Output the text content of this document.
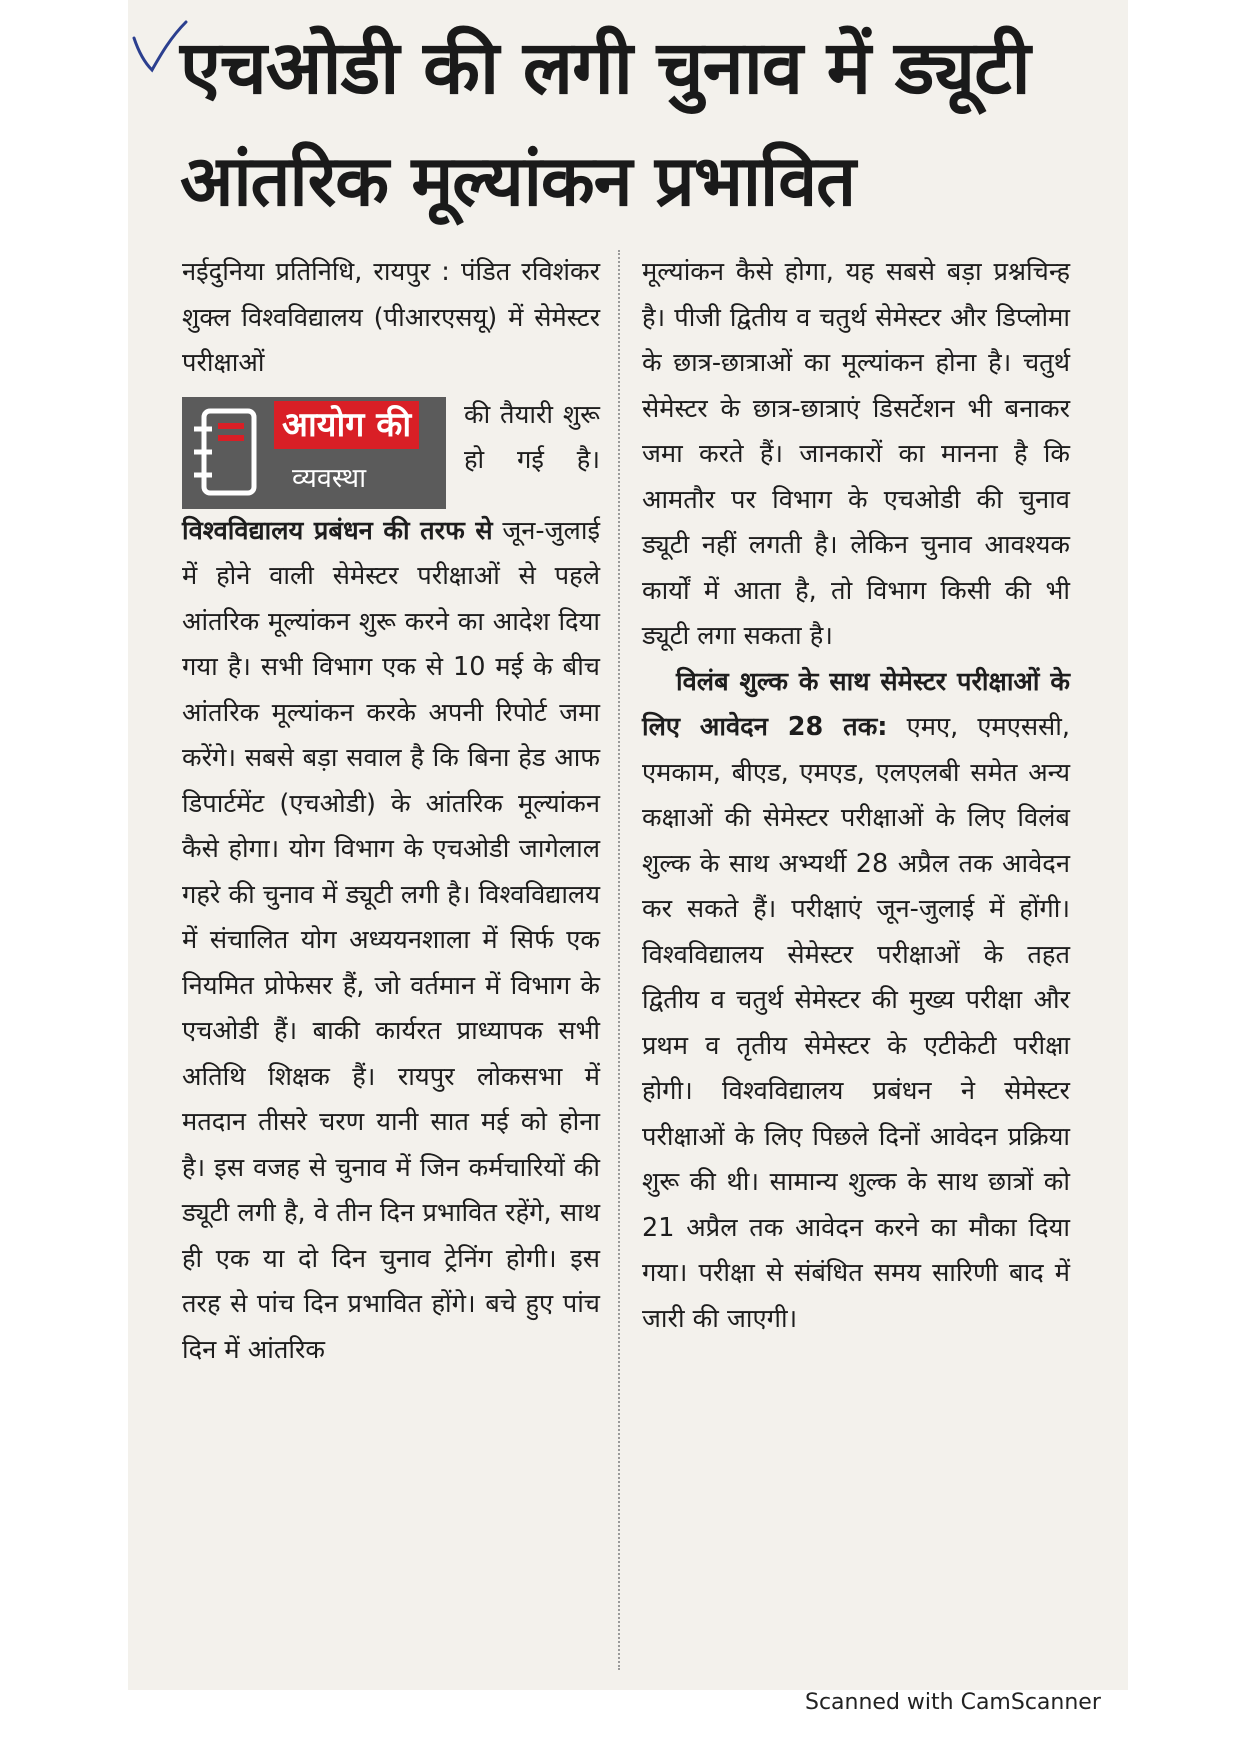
एचओडी की लगी चुनाव में ड्यूटी
आंतरिक मूल्यांकन प्रभावित

नईदुनिया प्रतिनिधि, रायपुर : पंडित रविशंकर शुक्ल विश्वविद्यालय (पीआरएसयू) में सेमेस्टर परीक्षाओं

आयोग की
व्यवस्था

की तैयारी शुरू हो गई है।

विश्वविद्यालय प्रबंधन की तरफ से जून-जुलाई में होने वाली सेमेस्टर परीक्षाओं से पहले आंतरिक मूल्यांकन शुरू करने का आदेश दिया गया है। सभी विभाग एक से 10 मई के बीच आंतरिक मूल्यांकन करके अपनी रिपोर्ट जमा करेंगे। सबसे बड़ा सवाल है कि बिना हेड आफ डिपार्टमेंट (एचओडी) के आंतरिक मूल्यांकन कैसे होगा। योग विभाग के एचओडी जागेलाल गहरे की चुनाव में ड्यूटी लगी है। विश्वविद्यालय में संचालित योग अध्ययनशाला में सिर्फ एक नियमित प्रोफेसर हैं, जो वर्तमान में विभाग के एचओडी हैं। बाकी कार्यरत प्राध्यापक सभी अतिथि शिक्षक हैं। रायपुर लोकसभा में मतदान तीसरे चरण यानी सात मई को होना है। इस वजह से चुनाव में जिन कर्मचारियों की ड्यूटी लगी है, वे तीन दिन प्रभावित रहेंगे, साथ ही एक या दो दिन चुनाव ट्रेनिंग होगी। इस तरह से पांच दिन प्रभावित होंगे। बचे हुए पांच दिन में आंतरिक

मूल्यांकन कैसे होगा, यह सबसे बड़ा प्रश्नचिन्ह है। पीजी द्वितीय व चतुर्थ सेमेस्टर और डिप्लोमा के छात्र-छात्राओं का मूल्यांकन होना है। चतुर्थ सेमेस्टर के छात्र-छात्राएं डिसर्टेशन भी बनाकर जमा करते हैं। जानकारों का मानना है कि आमतौर पर विभाग के एचओडी की चुनाव ड्यूटी नहीं लगती है। लेकिन चुनाव आवश्यक कार्यों में आता है, तो विभाग किसी की भी ड्यूटी लगा सकता है।

विलंब शुल्क के साथ सेमेस्टर परीक्षाओं के लिए आवेदन 28 तक: एमए, एमएससी, एमकाम, बीएड, एमएड, एलएलबी समेत अन्य कक्षाओं की सेमेस्टर परीक्षाओं के लिए विलंब शुल्क के साथ अभ्यर्थी 28 अप्रैल तक आवेदन कर सकते हैं। परीक्षाएं जून-जुलाई में होंगी। विश्वविद्यालय सेमेस्टर परीक्षाओं के तहत द्वितीय व चतुर्थ सेमेस्टर की मुख्य परीक्षा और प्रथम व तृतीय सेमेस्टर के एटीकेटी परीक्षा होगी। विश्वविद्यालय प्रबंधन ने सेमेस्टर परीक्षाओं के लिए पिछले दिनों आवेदन प्रक्रिया शुरू की थी। सामान्य शुल्क के साथ छात्रों को 21 अप्रैल तक आवेदन करने का मौका दिया गया। परीक्षा से संबंधित समय सारिणी बाद में जारी की जाएगी।

Scanned with CamScanner
